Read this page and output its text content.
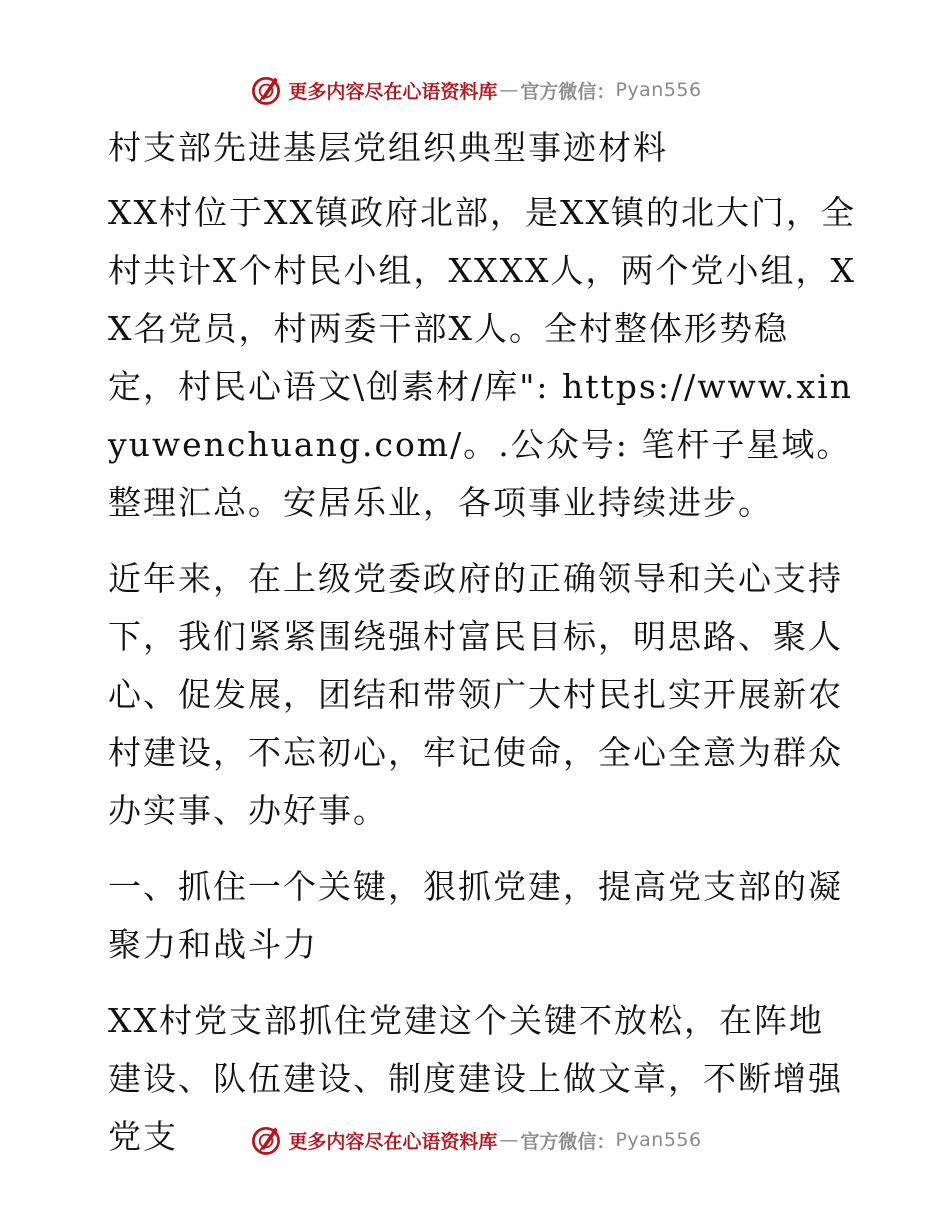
更多内容尽在心语资料库 — 官方微信： Pyan556
村支部先进基层党组织典型事迹材料

XX村位于XX镇政府北部，是XX镇的北大门，全村共计X个村民小组，XXXX人，两个党小组，XX名党员，村两委干部X人。全村整体形势稳定，村民心语文\创素材/库": https://www.xinyuwenchuang.com/。.公众号: 笔杆子星域。整理汇总。安居乐业，各项事业持续进步。

近年来，在上级党委政府的正确领导和关心支持下，我们紧紧围绕强村富民目标，明思路、聚人心、促发展，团结和带领广大村民扎实开展新农村建设，不忘初心，牢记使命，全心全意为群众办实事、办好事。

一、抓住一个关键，狠抓党建，提高党支部的凝聚力和战斗力

XX村党支部抓住党建这个关键不放松，在阵地建设、队伍建设、制度建设上做文章，不断增强党支	更多内容尽在心语资料库 — 官方微信： Pyan556
